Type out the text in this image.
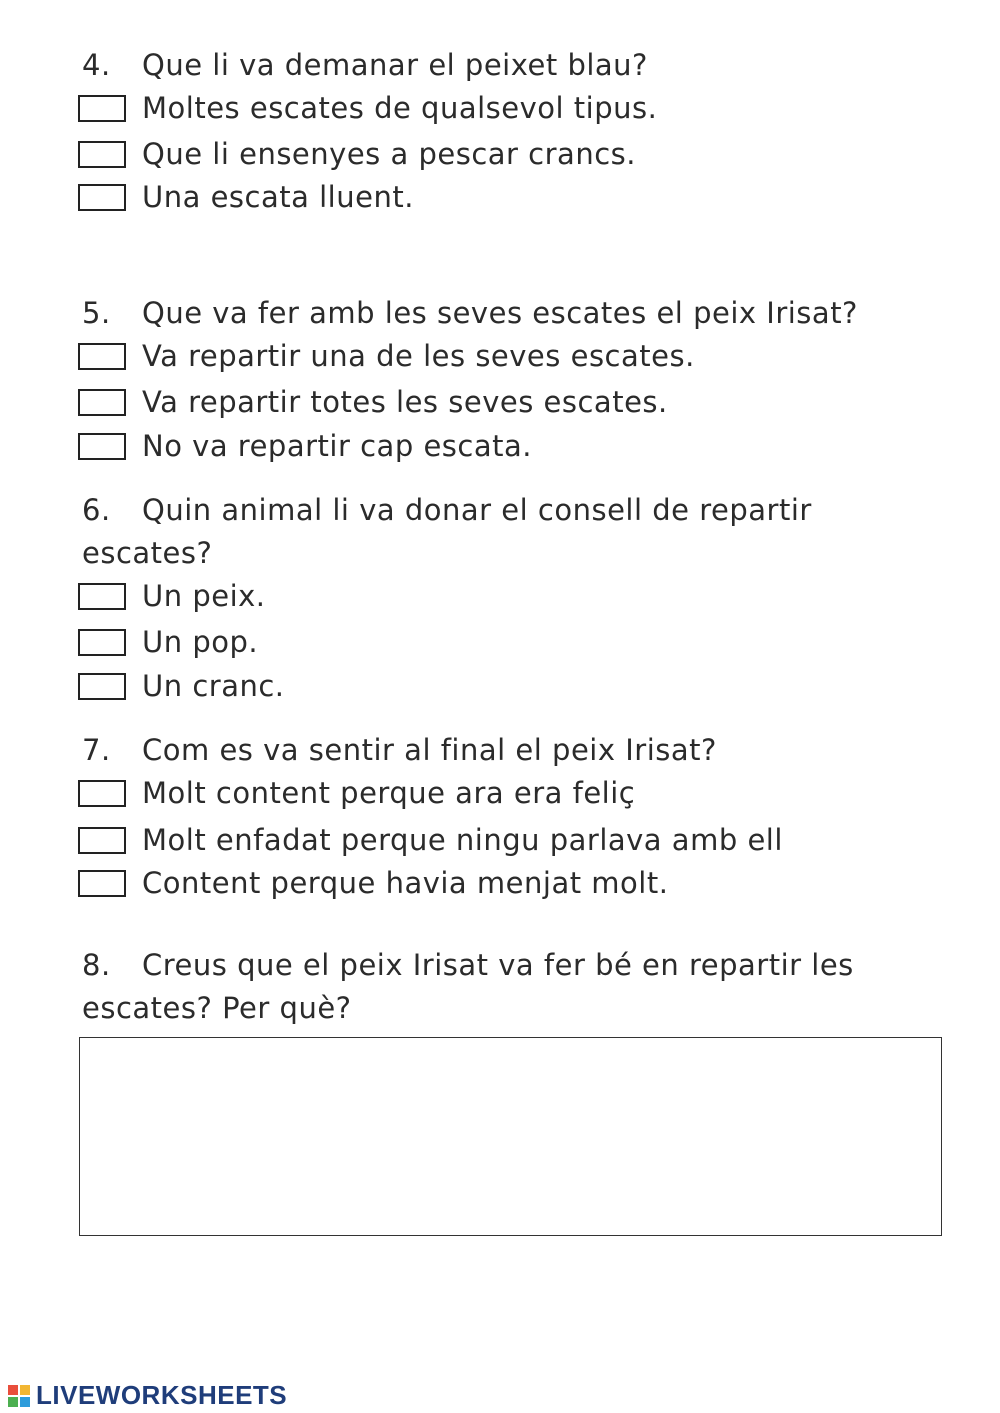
4. Que li va demanar el peixet blau?
Moltes escates de qualsevol tipus.
Que li ensenyes a pescar crancs.
Una escata lluent.
5. Que va fer amb les seves escates el peix Irisat?
Va repartir una de les seves escates.
Va repartir totes les seves escates.
No va repartir cap escata.
6. Quin animal li va donar el consell de repartir escates?
Un peix.
Un pop.
Un cranc.
7. Com es va sentir al final el peix Irisat?
Molt content perque ara era feliç
Molt enfadat perque ningu parlava amb ell
Content perque havia menjat molt.
8. Creus que el peix Irisat va fer bé en repartir les escates? Per què?
LIVEWORKSHEETS
